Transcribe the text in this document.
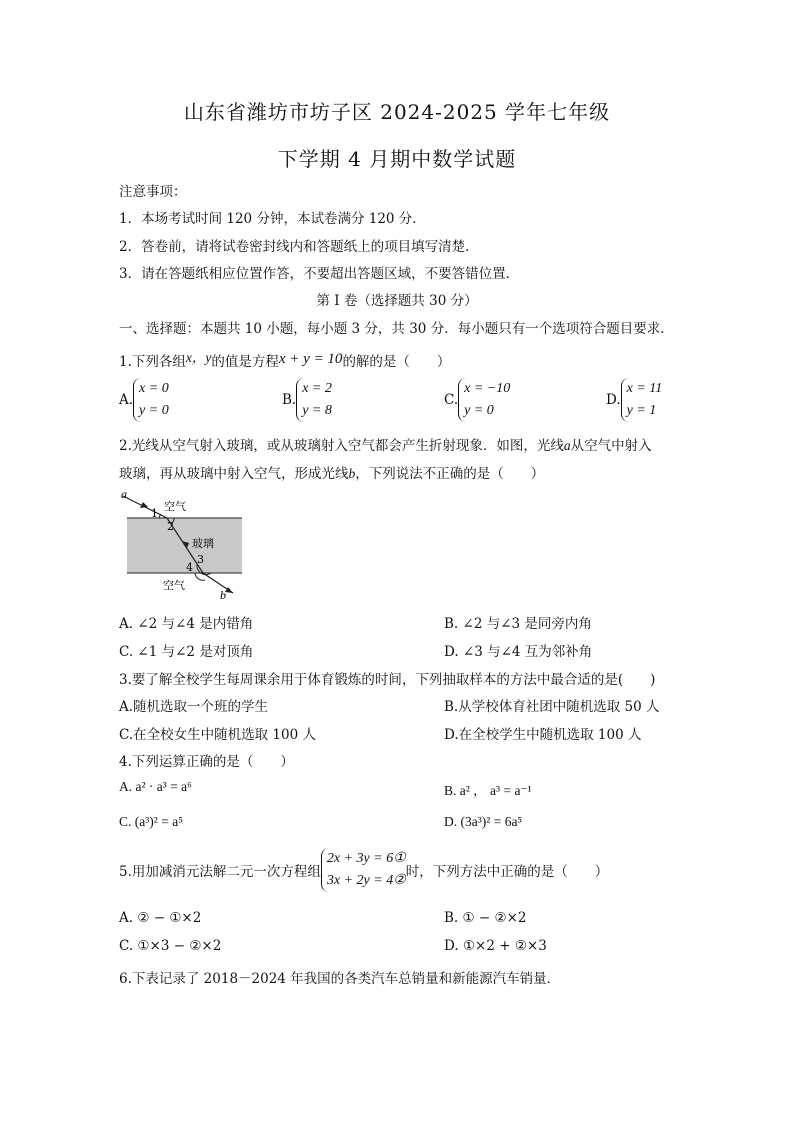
山东省潍坊市坊子区 2024-2025 学年七年级
下学期 4 月期中数学试题
注意事项：
1．本场考试时间 120 分钟，本试卷满分 120 分．
2．答卷前，请将试卷密封线内和答题纸上的项目填写清楚．
3．请在答题纸相应位置作答，不要超出答题区域，不要答错位置．
第 I 卷（选择题共 30 分）
一、选择题：本题共 10 小题，每小题 3 分，共 30 分．每小题只有一个选项符合题目要求．
1.下列各组x，y的值是方程x + y = 10的解的是（　　）
A.
x = 0
y = 0
B.
x = 2
y = 8
C.
x = −10
y = 0
D.
x = 11
y = 1
2.光线从空气射入玻璃，或从玻璃射入空气都会产生折射现象．如图，光线a从空气中射入
玻璃，再从玻璃中射入空气，形成光线b，下列说法不正确的是（　　）
a
空气
1
2
玻璃
3
4
空气
b
A. ∠2 与∠4 是内错角	B. ∠2 与∠3 是同旁内角
C. ∠1 与∠2 是对顶角	D. ∠3 与∠4 互为邻补角
3.要了解全校学生每周课余用于体育锻炼的时间，下列抽取样本的方法中最合适的是(　　)
A.随机选取一个班的学生	B.从学校体育社团中随机选取 50 人
C.在全校女生中随机选取 100 人	D.在全校学生中随机选取 100 人
4.下列运算正确的是（　　）
A. a² · a³ = a⁶	B. a² ， a³ = a⁻¹
C. (a³)² = a⁵	D. (3a³)² = 6a⁵
5.用加减消元法解二元一次方程组
2x + 3y = 6①
3x + 2y = 4②
时，下列方法中正确的是（　　）
A. ② − ①×2	B. ① − ②×2
C. ①×3 − ②×2	D. ①×2 + ②×3
6.下表记录了 2018－2024 年我国的各类汽车总销量和新能源汽车销量．
